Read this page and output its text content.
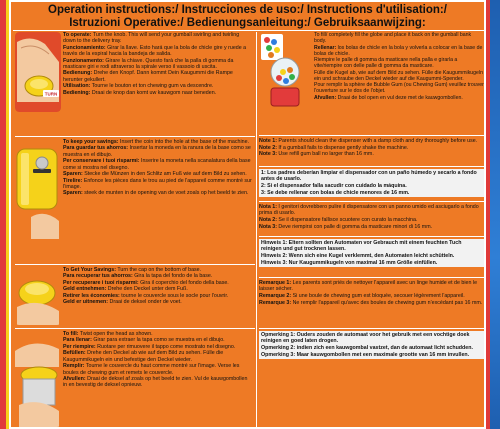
Operation instructions:/ Instrucciones de uso:/ Instructions d'utilisation:/
Istruzioni Operative:/ Bedienungsanleitung:/ Gebruiksaanwijzing:
TURN

To operate: Turn the knob. This will send your gumball swirling and twirling down to the delivery tray.

Funcionamiento: Girar la llave. Esto hará que la bola de chicle gire y ruede a través de la espiral hacia la bandeja de salida.

Funzionamento: Girare la chiave. Questo farà che la palla di gomma da masticare giri e rodi attraverso la spirale verso il vassoio di uscita.

Bedienung: Drehe den Knopf. Dann kommt Dein Kaugummi die Rampe herunter gekullert.

Utilisation: Tourne le bouton et ton chewing gum va descendre.

Bediening: Draai de knop dan komt uw kauwgom naar beneden.

To keep your savings: Insert the coin into the hole at the base of the machine.

Para guardar tus ahorros: Insertar la moneda en la ranura de la base como se muestra en el dibujo.

Per conservare i tuoi risparmi: Inserire la moneta nella scanalatura della base come si mostra nel disegno.

Sparen: Stecke die Münzen in den Schlitz am Fuß wie auf dem Bild zu sehen.

Tirelire: Enfonce les pièces dans le trou au pied de l'appareil comme montré sur l'image.

Sparen: steek de munten in de opening van de voet zoals op het beeld te zien.

To Get Your Savings: Turn the cap on the bottom of base.

Para recuperar tus ahorros: Gira la tapa del fondo de la base.

Per recuperare i tuoi risparmi: Gira il coperchio del fondo della base.

Geld entnehmen: Drehe den Deckel unter dem Fuß.

Retirer les économies: tourne le couvercle sous le socle pour l'ouvrir.

Geld er uitnemen: Draai de deksel onder de voet.

To fill: Twist open the head as shown.

Para llenar: Girar para extraer la tapa como se muestra en el dibujo.

Per riempire: Ruotare per rimuovere il tappo come mostrato nel disegno.

Befüllen: Drehe den Deckel ab wie auf dem Bild zu sehen. Fülle die Kaugummikugeln ein und befestige den Deckel wieder.

Remplir: Tourne le couvercle du haut comme montré sur l'image. Verse les boules de chewing gum et remets le couvercle.

Afvullen: Draai de deksel af zoals op het beeld te zien. Vul de kauwgombollen in en bevestig de deksel opnieuw.

To fill/ completely fill the globe and place it back on the gumball bank body.

Rellenar: los bolas de chicle en la bola y volverla a colocar en la base de bolas de chicle.

Riempire le palle di gomma da masticare nella palla e girarla a vite/riempire con delle palle di gomma da masticare.

Fülle die Kugel ab, wie auf dem Bild zu sehen. Fülle die Kaugummikugeln ein und schraube den Deckel wieder auf die Kaugummi-Spender.

Pour remplir la sphère de Bubble Gum (ou Chewing Gum) veuillez trouver l'ouverture sur le dos de l'objet.

Afvullen: Draai de bol open en vul deze met de kauwgombollen.

Note 1: Parents should clean the dispenser with a damp cloth and dry thoroughly before use.

Note 2: If a gumball fails to dispense gently shake the machine.

Note 3: Use refill gum ball no larger than 16 mm.

1: Los padres deberían limpiar el dispensador con un paño húmedo y secarlo a fondo antes de usarlo.

2: Si el dispensador falla sacudir con cuidado la máquina.

3: Se debe rellenar con bolas de chicle menores de 16 mm.

Nota 1: I genitori dovrebbero pulire il dispensatore con un panno umido ed asciugarlo a fondo prima di usarlo.

Nota 2: Se il dispensatore fallisce scuotere con curato la macchina.

Nota 3: Deve riempirsi con palle di gomma da masticare minori di 16 mm.

Hinweis 1: Eltern sollten den Automaten vor Gebrauch mit einem feuchten Tuch reinigen und gut trocknen lassen.

Hinweis 2: Wenn sich eine Kugel verklemmt, den Automaten leicht schütteln.

Hinweis 3: Nur Kaugummikugeln von maximal 16 mm Größe einfüllen.

Remarque 1: Les parents sont priés de nettoyer l'appareil avec un linge humide et de bien le laisser sécher.

Remarque 2: Si une boule de chewing gum est bloquée, secouer légèrement l'appareil.

Remarque 3: Ne remplir l'appareil qu'avec des boules de chewing gum n'excédant pas 16 mm.

Opmerking 1: Ouders zouden de automaat voor het gebruik met een vochtige doek reinigen en goed laten drogen.

Opmerking 2: indien zich een kauwgombal vastzet, dan de automaat licht schudden.

Opmerking 3: Maar kauwgombollen met een maximale grootte van 16 mm invullen.
